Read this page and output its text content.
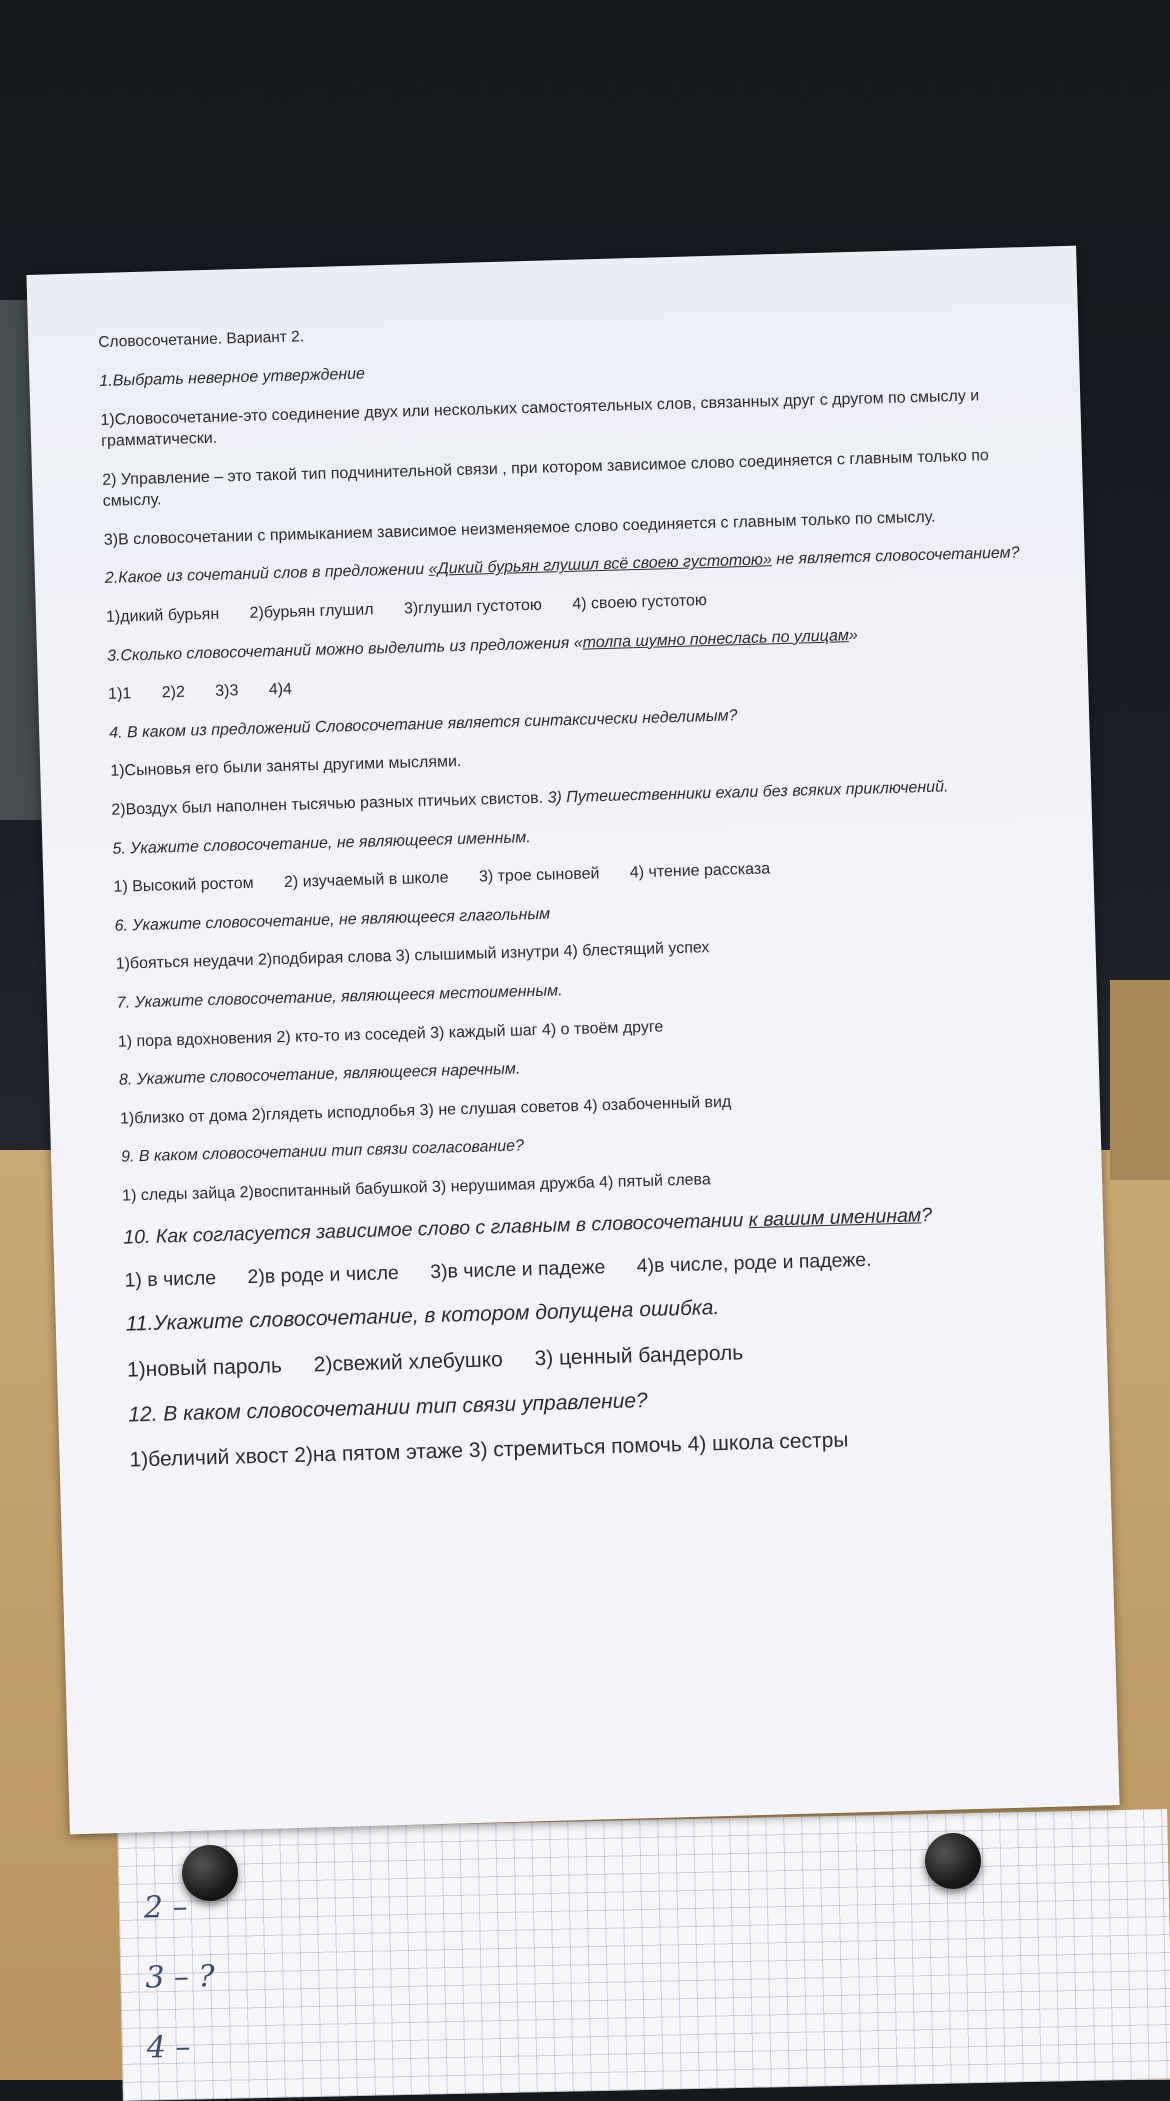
2 –
3 – ?
4 –

Словосочетание. Вариант 2.

1.Выбрать неверное утверждение

1)Словосочетание-это соединение двух или нескольких самостоятельных слов, связанных друг с другом по смыслу и грамматически.

2) Управление – это такой тип подчинительной связи , при котором зависимое слово соединяется с главным только по смыслу.

3)В словосочетании с примыканием зависимое неизменяемое слово соединяется с главным только по смыслу.

2.Какое из сочетаний слов в предложении «Дикий бурьян глушил всё своею густотою» не является словосочетанием?

1)дикий бурьян 2)бурьян глушил 3)глушил густотою 4) своею густотою

3.Сколько словосочетаний можно выделить из предложения «толпа шумно понеслась по улицам»

1)1 2)2 3)3 4)4

4. В каком из предложений Словосочетание является синтаксически неделимым?

1)Сыновья его были заняты другими мыслями.

2)Воздух был наполнен тысячью разных птичьих свистов. 3) Путешественники ехали без всяких приключений.

5. Укажите словосочетание, не являющееся именным.

1) Высокий ростом 2) изучаемый в школе 3) трое сыновей 4) чтение рассказа

6. Укажите словосочетание, не являющееся глагольным

1)бояться неудачи 2)подбирая слова 3) слышимый изнутри 4) блестящий успех

7. Укажите словосочетание, являющееся местоименным.

1) пора вдохновения 2) кто-то из соседей 3) каждый шаг 4) о твоём друге

8. Укажите словосочетание, являющееся наречным.

1)близко от дома 2)глядеть исподлобья 3) не слушая советов 4) озабоченный вид

9. В каком словосочетании тип связи согласование?

1) следы зайца 2)воспитанный бабушкой 3) нерушимая дружба 4) пятый слева

10. Как согласуется зависимое слово с главным в словосочетании к вашим именинам?

1) в числе 2)в роде и числе 3)в числе и падеже 4)в числе, роде и падеже.

11.Укажите словосочетание, в котором допущена ошибка.

1)новый пароль 2)свежий хлебушко 3) ценный бандероль

12. В каком словосочетании тип связи управление?

1)беличий хвост 2)на пятом этаже 3) стремиться помочь 4) школа сестры
